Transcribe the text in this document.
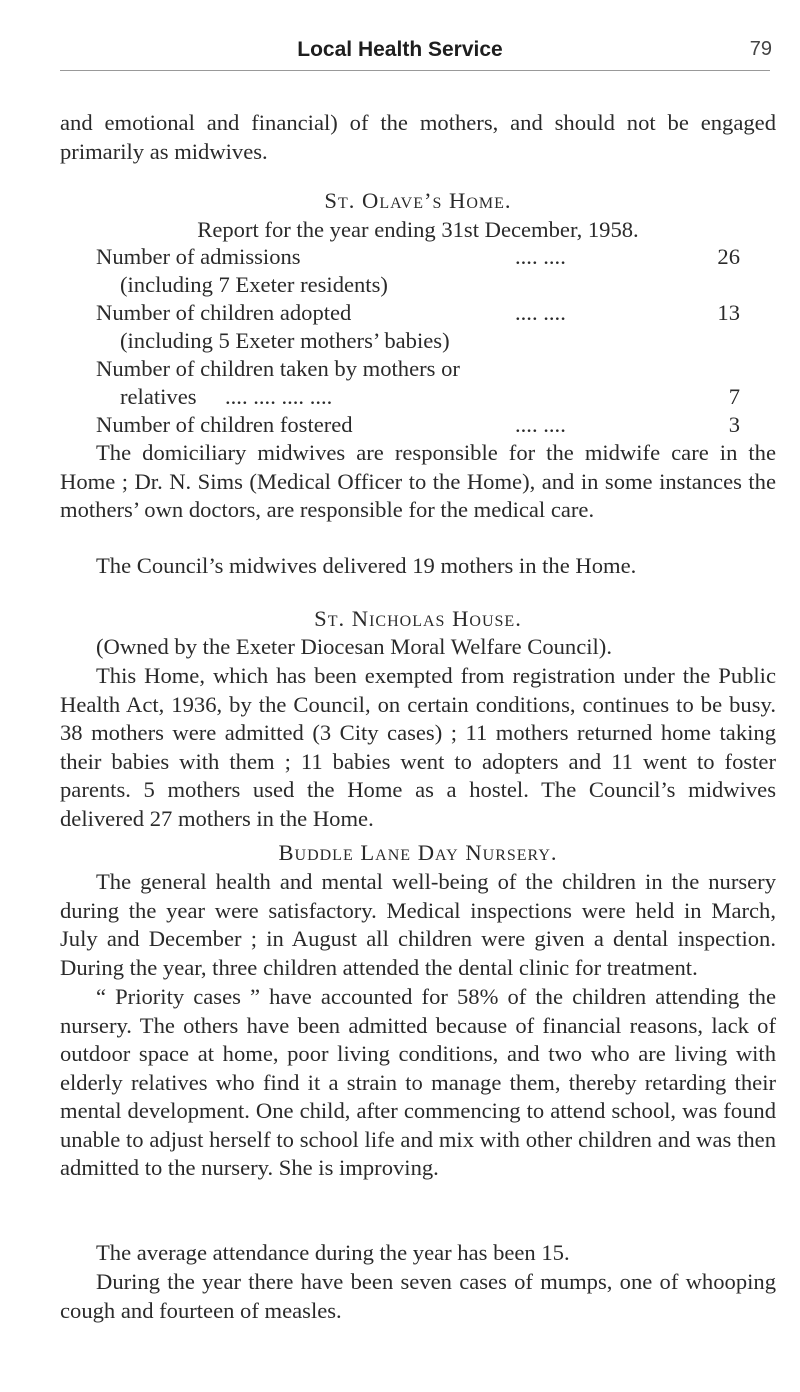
Local Health Service	79

and emotional and financial) of the mothers, and should not be engaged primarily as midwives.

St. Olave’s Home.
Report for the year ending 31st December, 1958.
Number of admissions	.... ....	26
(including 7 Exeter residents)
Number of children adopted	.... ....	13
(including 5 Exeter mothers’ babies)
Number of children taken by mothers or
relatives .... .... .... ....	7
Number of children fostered	.... ....	3

The domiciliary midwives are responsible for the midwife care in the Home ; Dr. N. Sims (Medical Officer to the Home), and in some instances the mothers’ own doctors, are responsible for the medical care.

The Council’s midwives delivered 19 mothers in the Home.

St. Nicholas House.

(Owned by the Exeter Diocesan Moral Welfare Council).

This Home, which has been exempted from registration under the Public Health Act, 1936, by the Council, on certain conditions, continues to be busy. 38 mothers were admitted (3 City cases) ; 11 mothers returned home taking their babies with them ; 11 babies went to adopters and 11 went to foster parents. 5 mothers used the Home as a hostel. The Council’s midwives delivered 27 mothers in the Home.

Buddle Lane Day Nursery.

The general health and mental well-being of the children in the nursery during the year were satisfactory. Medical inspections were held in March, July and December ; in August all children were given a dental inspection. During the year, three children attended the dental clinic for treatment.

“ Priority cases ” have accounted for 58% of the children attending the nursery. The others have been admitted because of financial reasons, lack of outdoor space at home, poor living conditions, and two who are living with elderly relatives who find it a strain to manage them, thereby retarding their mental development. One child, after commencing to attend school, was found unable to adjust herself to school life and mix with other children and was then admitted to the nursery. She is improving.

The average attendance during the year has been 15.

During the year there have been seven cases of mumps, one of whooping cough and fourteen of measles.
